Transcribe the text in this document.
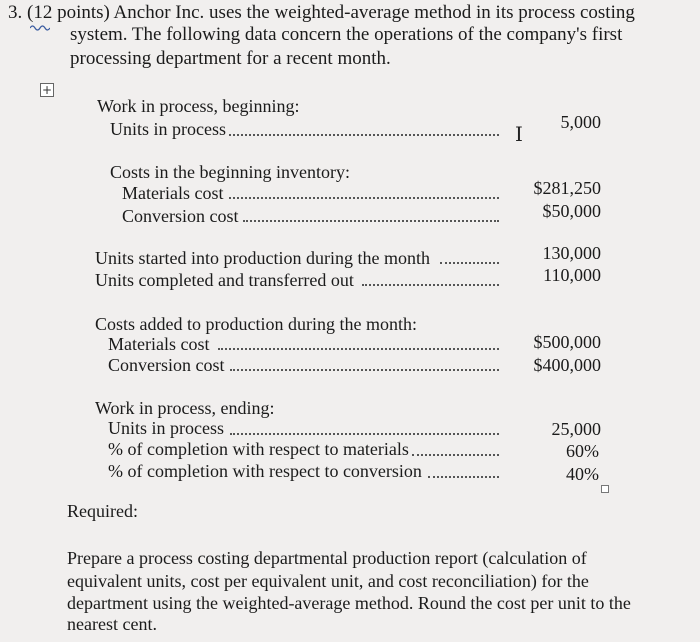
3. (12 points) Anchor Inc. uses the weighted-average method in its process costing
system. The following data concern the operations of the company's first
processing department for a recent month.
+
Work in process, beginning:
Units in process	I 5,000
Costs in the beginning inventory:
Materials cost	$281,250
Conversion cost	$50,000
Units started into production during the month	130,000
Units completed and transferred out	110,000
Costs added to production during the month:
Materials cost	$500,000
Conversion cost	$400,000
Work in process, ending:
Units in process	25,000
% of completion with respect to materials	60%
% of completion with respect to conversion	40%
Required:
Prepare a process costing departmental production report (calculation of
equivalent units, cost per equivalent unit, and cost reconciliation) for the
department using the weighted-average method. Round the cost per unit to the
nearest cent.
